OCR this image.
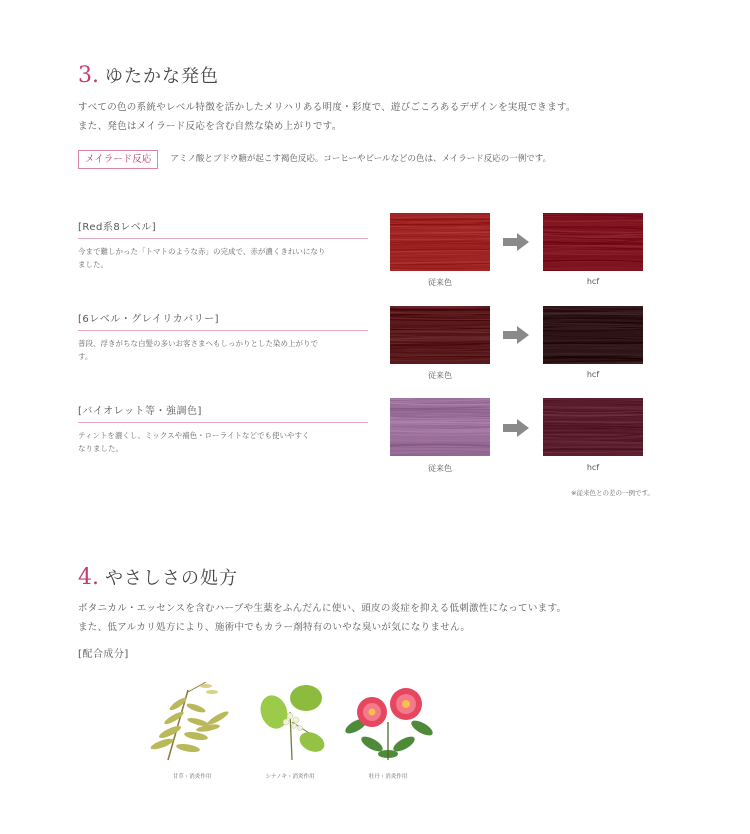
3. ゆたかな発色
すべての色の系統やレベル特徴を活かしたメリハリある明度・彩度で、遊びごころあるデザインを実現できます。
また、発色はメイラード反応を含む自然な染め上がりです。
メイラード反応	アミノ酸とブドウ糖が起こす褐色反応。コーヒーやビールなどの色は、メイラード反応の一例です。
[Red系8レベル]
今まで難しかった「トマトのような赤」の完成で、赤が濃くきれいになり
ました。
[6レベル・グレイリカバリー]
普段、浮きがちな白髪の多いお客さまへもしっかりとした染め上がりで
す。
[バイオレット等・強調色]
ティントを濃くし、ミックスや補色・ローライトなどでも使いやすく
なりました。
従来色	hcf
従来色	hcf
従来色	hcf
※従来色との差の一例です。
4. やさしさの処方
ボタニカル・エッセンスを含むハーブや生薬をふんだんに使い、頭皮の炎症を抑える低刺激性になっています。
また、低アルカリ処方により、施術中でもカラー剤特有のいやな臭いが気になりません。
[配合成分]
甘草・消炎作用	シナノキ・消炎作用	牡丹・消炎作用
